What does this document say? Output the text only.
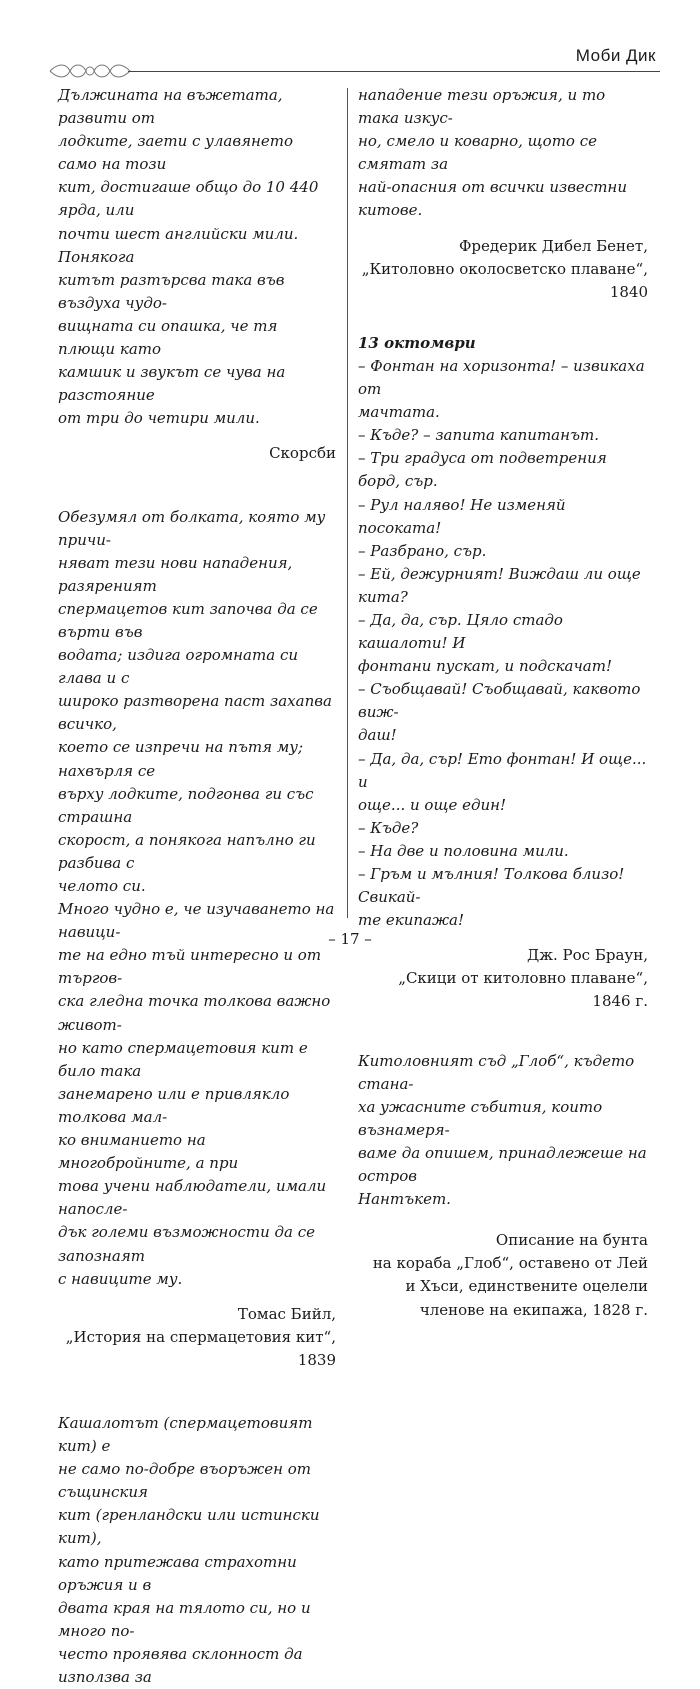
Моби Дик
Дължината на въжетата, развити от
лодките, заети с улавянето само на този
кит, достигаше общо до 10 440 ярда, или
почти шест английски мили. Понякога
китът разтърсва така във въздуха чудо-
вищната си опашка, че тя плющи като
камшик и звукът се чува на разстояние
от три до четири мили.
Скорсби
Обезумял от болката, която му причи-
няват тези нови нападения, разяреният
спермацетов кит започва да се върти във
водата; издига огромната си глава и с
широко разтворена паст захапва всичко,
което се изпречи на пътя му; нахвърля се
върху лодките, подгонва ги със страшна
скорост, а понякога напълно ги разбива с
челото си.
Много чудно е, че изучаването на навици-
те на едно тъй интересно и от търгов-
ска гледна точка толкова важно живот-
но като спермацетовия кит е било така
занемарено или е привлякло толкова мал-
ко вниманието на многобройните, а при
това учени наблюдатели, имали напосле-
дък големи възможности да се запознаят
с навиците му.
Томас Бийл,
„История на спермацетовия кит“, 1839
Кашалотът (спермацетовият кит) е
не само по-добре въоръжен от същинския
кит (гренландски или истински кит),
като притежава страхотни оръжия и в
двата края на тялото си, но и много по-
често проявява склонност да използва за
нападение тези оръжия, и то така изкус-
но, смело и коварно, щото се смятат за
най-опасния от всички известни китове.
Фредерик Дибел Бенет,
„Китоловно околосветско плаване“, 1840
13 октомври
– Фонтан на хоризонта! – извикаха от
мачтата.
– Къде? – запита капитанът.
– Три градуса от подветрения борд, сър.
– Рул наляво! Не изменяй посоката!
– Разбрано, сър.
– Ей, дежурният! Виждаш ли още кита?
– Да, да, сър. Цяло стадо кашалоти! И
фонтани пускат, и подскачат!
– Съобщавай! Съобщавай, каквото виж-
даш!
– Да, да, сър! Ето фонтан! И още... и
още... и още един!
– Къде?
– На две и половина мили.
– Гръм и мълния! Толкова близо! Свикай-
те екипажа!
Дж. Рос Браун,
„Скици от китоловно плаване“, 1846 г.
Китоловният съд „Глоб“, където стана-
ха ужасните събития, които възнамеря-
ваме да опишем, принадлежеше на остров
Нантъкет.
Описание на бунта
на кораба „Глоб“, оставено от Лей
и Хъси, единствените оцелели
членове на екипажа, 1828 г.
– 17 –
